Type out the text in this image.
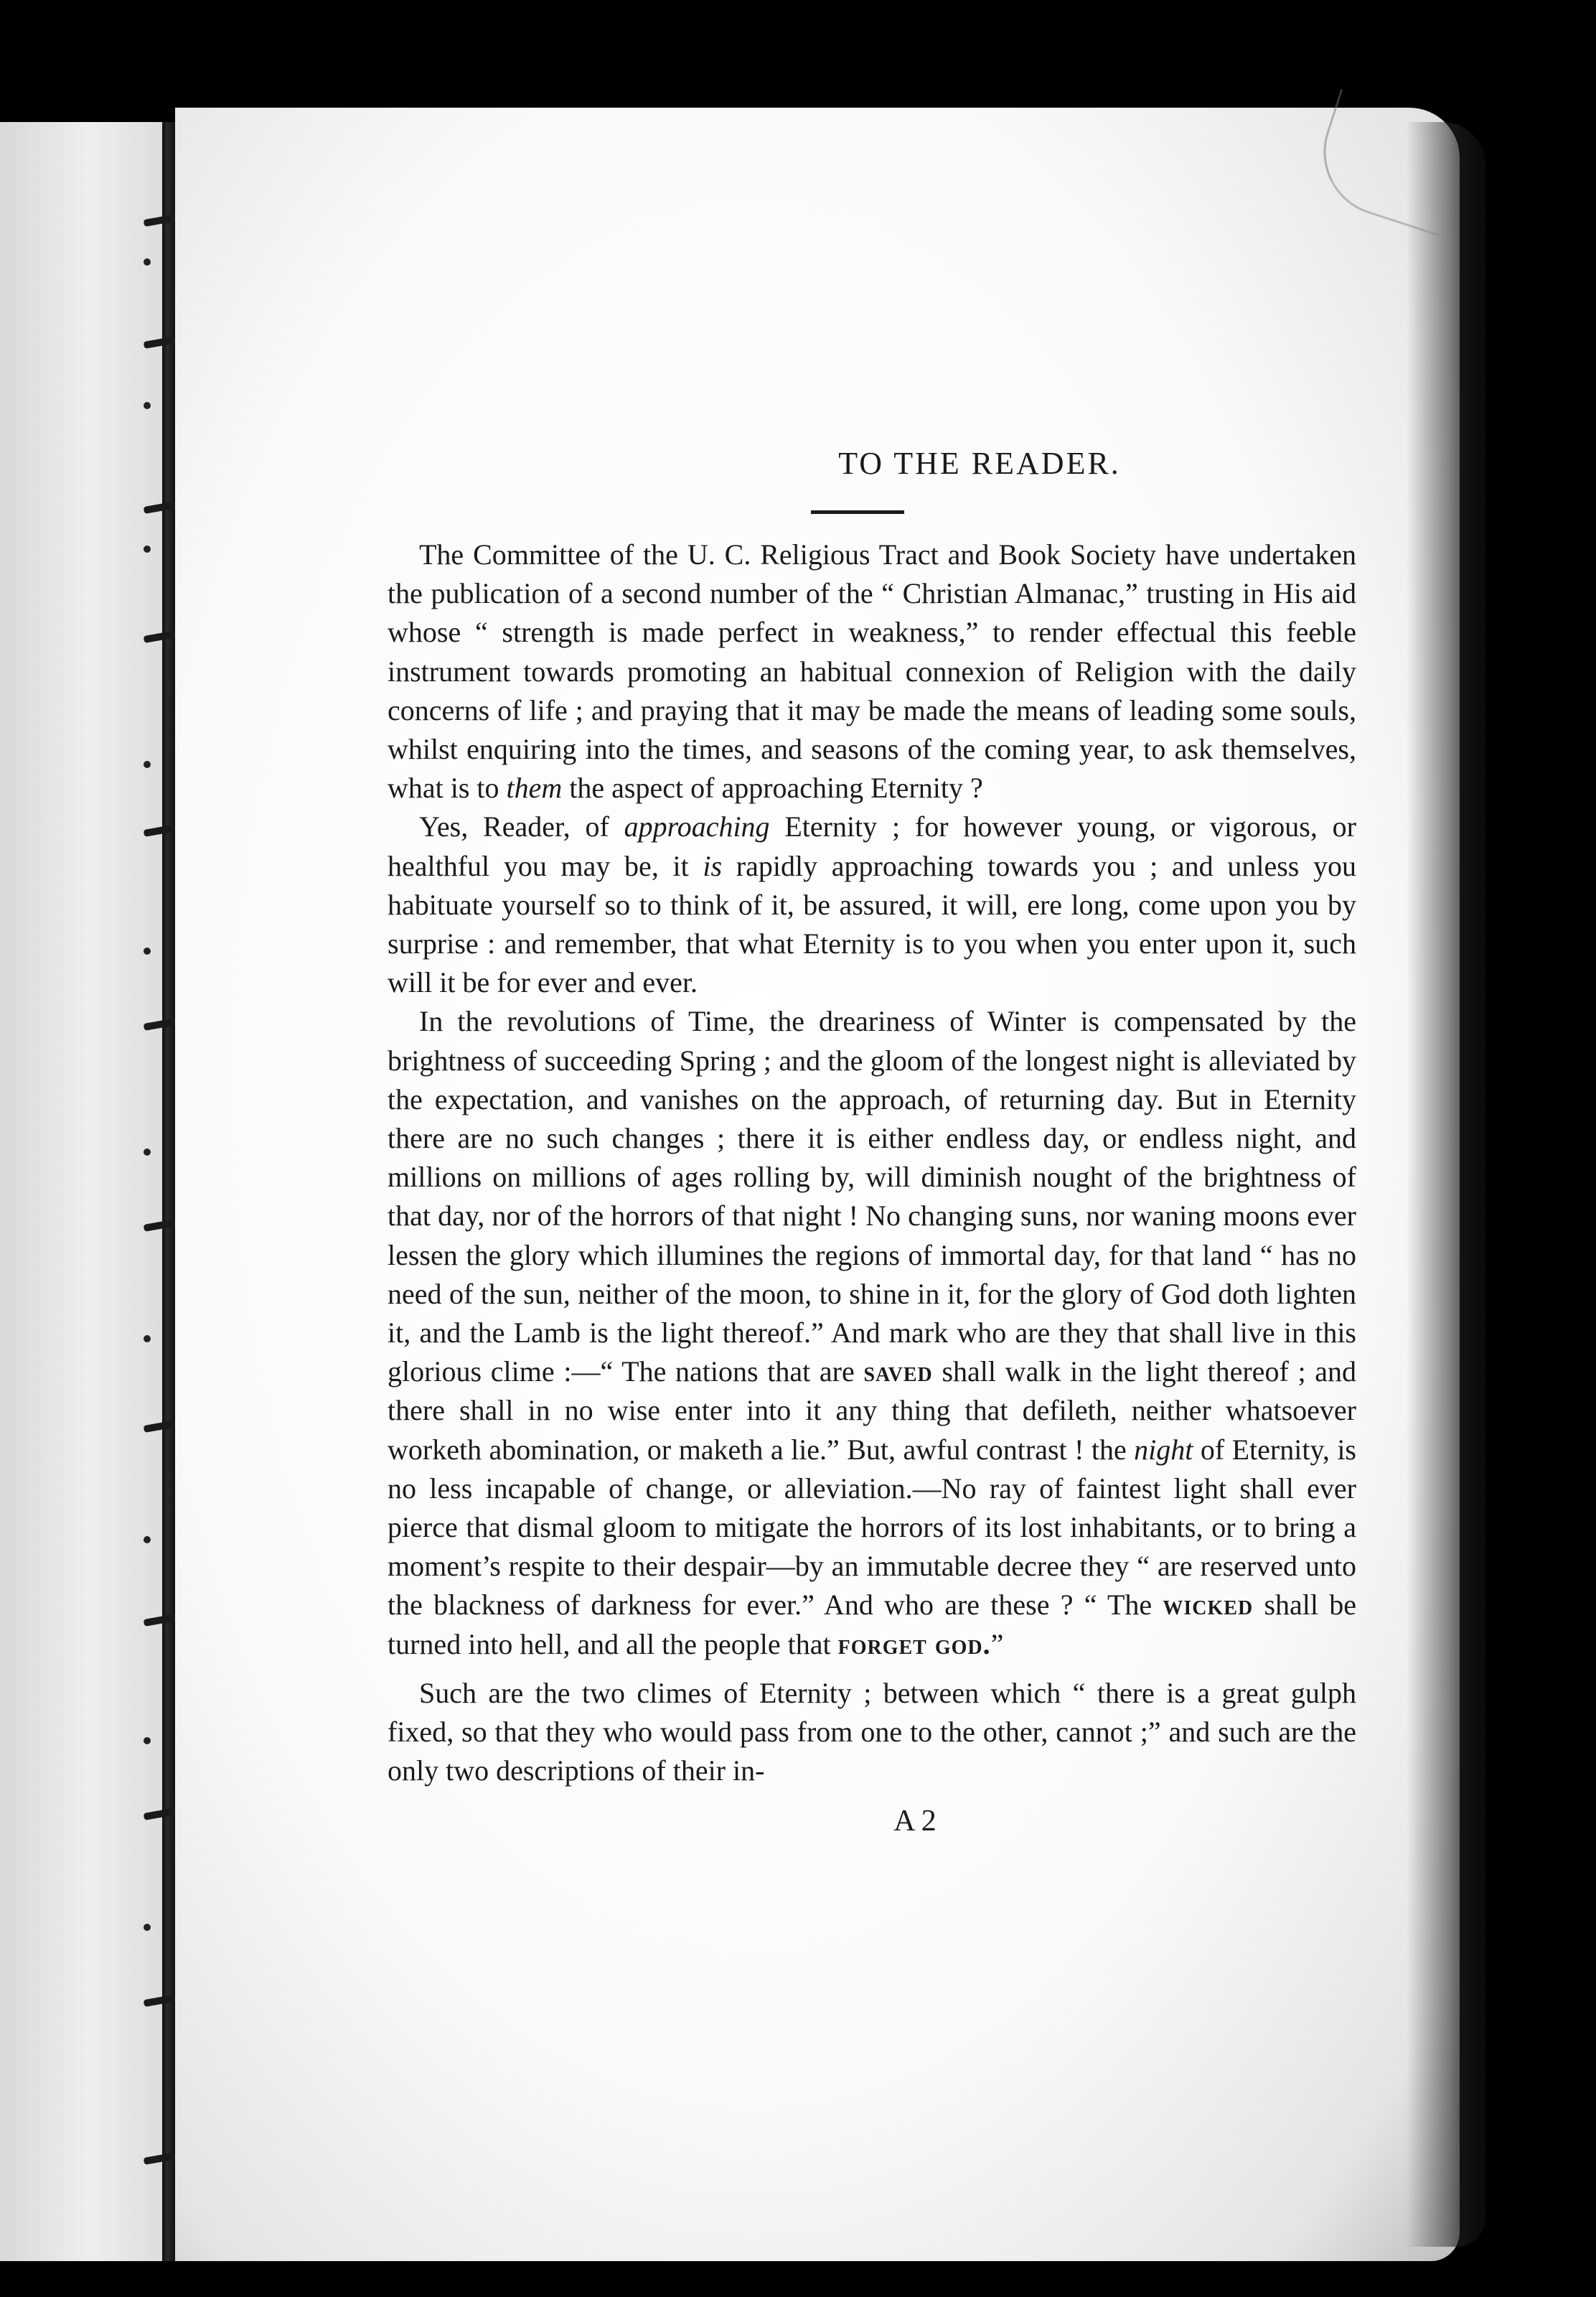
TO THE READER.

The Committee of the U. C. Religious Tract and Book Society have undertaken the publication of a second number of the “ Christian Almanac,” trusting in His aid whose “ strength is made perfect in weakness,” to render effectual this feeble instrument towards promoting an habitual connexion of Religion with the daily concerns of life ; and praying that it may be made the means of leading some souls, whilst enquiring into the times, and seasons of the coming year, to ask themselves, what is to them the aspect of approaching Eternity ?

Yes, Reader, of approaching Eternity ; for however young, or vigorous, or healthful you may be, it is rapidly approaching towards you ; and unless you habituate yourself so to think of it, be assured, it will, ere long, come upon you by surprise : and remember, that what Eternity is to you when you enter upon it, such will it be for ever and ever.

In the revolutions of Time, the dreariness of Winter is compensated by the brightness of succeeding Spring ; and the gloom of the longest night is alleviated by the expectation, and vanishes on the approach, of returning day. But in Eternity there are no such changes ; there it is either endless day, or endless night, and millions on millions of ages rolling by, will diminish nought of the brightness of that day, nor of the horrors of that night ! No changing suns, nor waning moons ever lessen the glory which illumines the regions of immortal day, for that land “ has no need of the sun, neither of the moon, to shine in it, for the glory of God doth lighten it, and the Lamb is the light thereof.” And mark who are they that shall live in this glorious clime :—“ The nations that are saved shall walk in the light thereof ; and there shall in no wise enter into it any thing that defileth, neither whatsoever worketh abomination, or maketh a lie.” But, awful contrast ! the night of Eternity, is no less incapable of change, or alleviation.—No ray of faintest light shall ever pierce that dismal gloom to mitigate the horrors of its lost inhabitants, or to bring a moment’s respite to their despair—by an immutable decree they “ are reserved unto the blackness of darkness for ever.” And who are these ? “ The wicked shall be turned into hell, and all the people that forget god.”

Such are the two climes of Eternity ; between which “ there is a great gulph fixed, so that they who would pass from one to the other, cannot ;” and such are the only two descriptions of their in-

A 2
